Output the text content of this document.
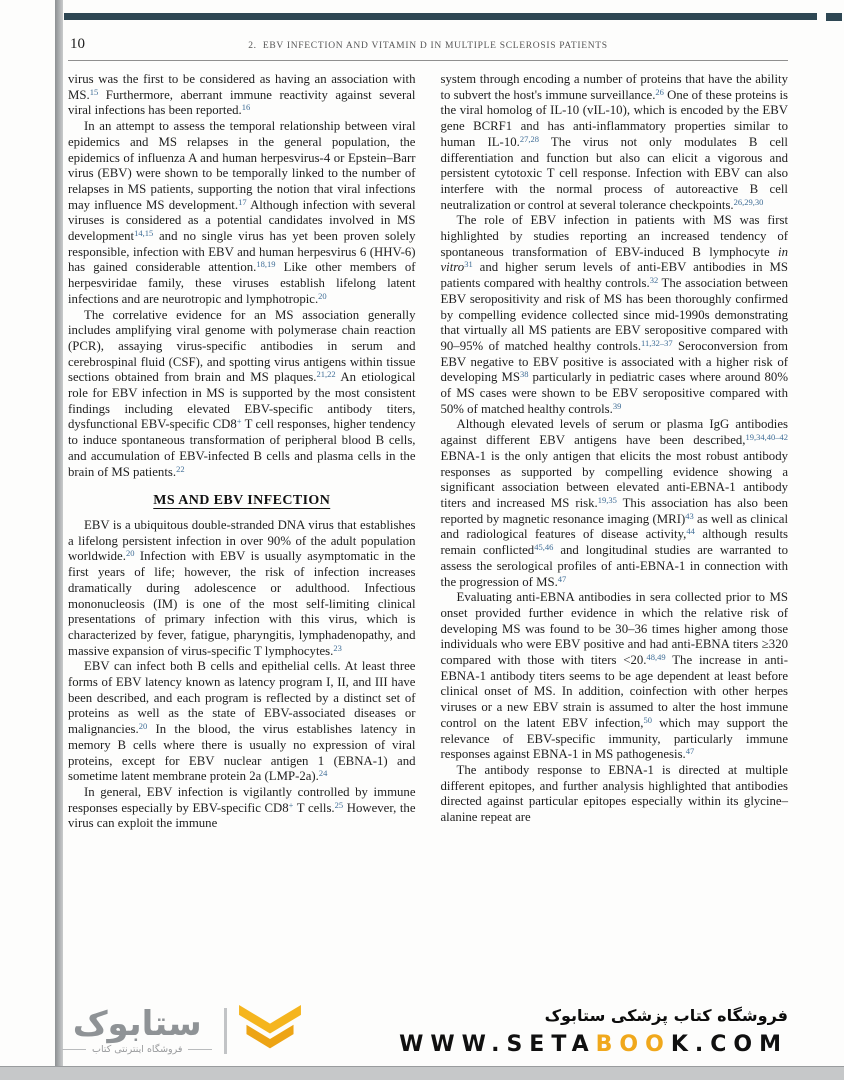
10	2.  EBV INFECTION AND VITAMIN D IN MULTIPLE SCLEROSIS PATIENTS

virus was the first to be considered as having an association with MS.$^{15}$ Furthermore, aberrant immune reactivity against several viral infections has been reported.$^{16}$

In an attempt to assess the temporal relationship between viral epidemics and MS relapses in the general population, the epidemics of influenza A and human herpesvirus-4 or Epstein–Barr virus (EBV) were shown to be temporally linked to the number of relapses in MS patients, supporting the notion that viral infections may influence MS development.$^{17}$ Although infection with several viruses is considered as a potential candidates involved in MS development$^{14,15}$ and no single virus has yet been proven solely responsible, infection with EBV and human herpesvirus 6 (HHV-6) has gained considerable attention.$^{18,19}$ Like other members of herpesviridae family, these viruses establish lifelong latent infections and are neurotropic and lymphotropic.$^{20}$

The correlative evidence for an MS association generally includes amplifying viral genome with polymerase chain reaction (PCR), assaying virus-specific antibodies in serum and cerebrospinal fluid (CSF), and spotting virus antigens within tissue sections obtained from brain and MS plaques.$^{21,22}$ An etiological role for EBV infection in MS is supported by the most consistent findings including elevated EBV-specific antibody titers, dysfunctional EBV-specific CD8+ T cell responses, higher tendency to induce spontaneous transformation of peripheral blood B cells, and accumulation of EBV-infected B cells and plasma cells in the brain of MS patients.$^{22}$

MS AND EBV INFECTION

EBV is a ubiquitous double-stranded DNA virus that establishes a lifelong persistent infection in over 90% of the adult population worldwide.$^{20}$ Infection with EBV is usually asymptomatic in the first years of life; however, the risk of infection increases dramatically during adolescence or adulthood. Infectious mononucleosis (IM) is one of the most self-limiting clinical presentations of primary infection with this virus, which is characterized by fever, fatigue, pharyngitis, lymphadenopathy, and massive expansion of virus-specific T lymphocytes.$^{23}$

EBV can infect both B cells and epithelial cells. At least three forms of EBV latency known as latency program I, II, and III have been described, and each program is reflected by a distinct set of proteins as well as the state of EBV-associated diseases or malignancies.$^{20}$ In the blood, the virus establishes latency in memory B cells where there is usually no expression of viral proteins, except for EBV nuclear antigen 1 (EBNA-1) and sometime latent membrane protein 2a (LMP-2a).$^{24}$

In general, EBV infection is vigilantly controlled by immune responses especially by EBV-specific CD8+ T cells.$^{25}$ However, the virus can exploit the immune

system through encoding a number of proteins that have the ability to subvert the host's immune surveillance.$^{26}$ One of these proteins is the viral homolog of IL-10 (vIL-10), which is encoded by the EBV gene BCRF1 and has anti-inflammatory properties similar to human IL-10.$^{27,28}$ The virus not only modulates B cell differentiation and function but also can elicit a vigorous and persistent cytotoxic T cell response. Infection with EBV can also interfere with the normal process of autoreactive B cell neutralization or control at several tolerance checkpoints.$^{26,29,30}$

The role of EBV infection in patients with MS was first highlighted by studies reporting an increased tendency of spontaneous transformation of EBV-induced B lymphocyte in vitro$^{31}$ and higher serum levels of anti-EBV antibodies in MS patients compared with healthy controls.$^{32}$ The association between EBV seropositivity and risk of MS has been thoroughly confirmed by compelling evidence collected since mid-1990s demonstrating that virtually all MS patients are EBV seropositive compared with 90–95% of matched healthy controls.$^{11,32-37}$ Seroconversion from EBV negative to EBV positive is associated with a higher risk of developing MS$^{38}$ particularly in pediatric cases where around 80% of MS cases were shown to be EBV seropositive compared with 50% of matched healthy controls.$^{39}$

Although elevated levels of serum or plasma IgG antibodies against different EBV antigens have been described,$^{19,34,40-42}$ EBNA-1 is the only antigen that elicits the most robust antibody responses as supported by compelling evidence showing a significant association between elevated anti-EBNA-1 antibody titers and increased MS risk.$^{19,35}$ This association has also been reported by magnetic resonance imaging (MRI)$^{43}$ as well as clinical and radiological features of disease activity,$^{44}$ although results remain conflicted$^{45,46}$ and longitudinal studies are warranted to assess the serological profiles of anti-EBNA-1 in connection with the progression of MS.$^{47}$

Evaluating anti-EBNA antibodies in sera collected prior to MS onset provided further evidence in which the relative risk of developing MS was found to be 30–36 times higher among those individuals who were EBV positive and had anti-EBNA titers ≥320 compared with those with titers <20.$^{48,49}$ The increase in anti-EBNA-1 antibody titers seems to be age dependent at least before clinical onset of MS. In addition, coinfection with other herpes viruses or a new EBV strain is assumed to alter the host immune control on the latent EBV infection,$^{50}$ which may support the relevance of EBV-specific immunity, particularly immune responses against EBNA-1 in MS pathogenesis.$^{47}$

The antibody response to EBNA-1 is directed at multiple different epitopes, and further analysis highlighted that antibodies directed against particular epitopes especially within its glycine–alanine repeat are

ستابوک
فروشگاه اینترنتی کتاب
فروشگاه کتاب پزشکی ستابوک
WWW.SETABOOK.COM
